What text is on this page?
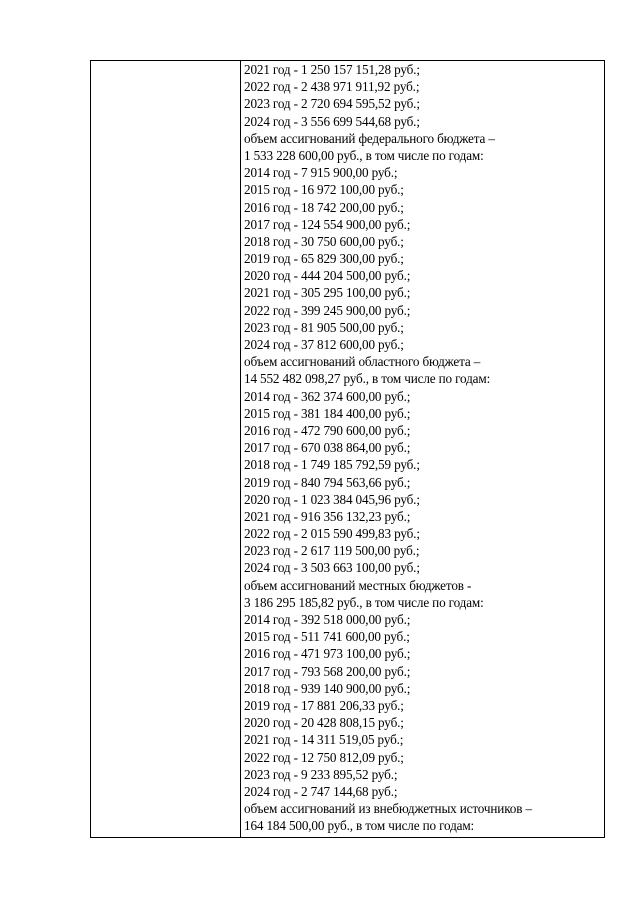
2021 год - 1 250 157 151,28 руб.;
2022 год - 2 438 971 911,92 руб.;
2023 год - 2 720 694 595,52 руб.;
2024 год - 3 556 699 544,68 руб.;
объем ассигнований федерального бюджета –
1 533 228 600,00 руб., в том числе по годам:
2014 год - 7 915 900,00 руб.;
2015 год - 16 972 100,00 руб.;
2016 год - 18 742 200,00 руб.;
2017 год - 124 554 900,00 руб.;
2018 год - 30 750 600,00 руб.;
2019 год - 65 829 300,00 руб.;
2020 год - 444 204 500,00 руб.;
2021 год - 305 295 100,00 руб.;
2022 год - 399 245 900,00 руб.;
2023 год - 81 905 500,00 руб.;
2024 год - 37 812 600,00 руб.;
объем ассигнований областного бюджета –
14 552 482 098,27 руб., в том числе по годам:
2014 год - 362 374 600,00 руб.;
2015 год - 381 184 400,00 руб.;
2016 год - 472 790 600,00 руб.;
2017 год - 670 038 864,00 руб.;
2018 год - 1 749 185 792,59 руб.;
2019 год - 840 794 563,66 руб.;
2020 год - 1 023 384 045,96 руб.;
2021 год - 916 356 132,23 руб.;
2022 год - 2 015 590 499,83 руб.;
2023 год - 2 617 119 500,00 руб.;
2024 год - 3 503 663 100,00 руб.;
объем ассигнований местных бюджетов -
3 186 295 185,82 руб., в том числе по годам:
2014 год - 392 518 000,00 руб.;
2015 год - 511 741 600,00 руб.;
2016 год - 471 973 100,00 руб.;
2017 год - 793 568 200,00 руб.;
2018 год - 939 140 900,00 руб.;
2019 год - 17 881 206,33 руб.;
2020 год - 20 428 808,15 руб.;
2021 год - 14 311 519,05 руб.;
2022 год - 12 750 812,09 руб.;
2023 год - 9 233 895,52 руб.;
2024 год - 2 747 144,68 руб.;
объем ассигнований из внебюджетных источников –
164 184 500,00 руб., в том числе по годам:
